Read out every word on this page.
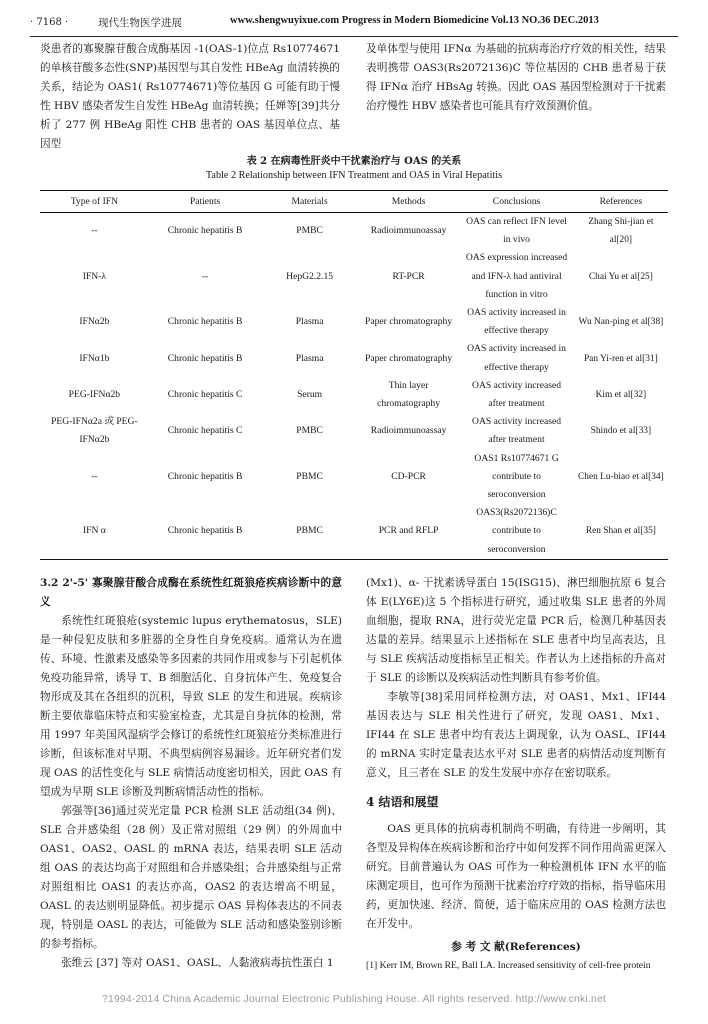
· 7168 ·	现代生物医学进展	www.shengwuyixue.com Progress in Modern Biomedicine Vol.13 NO.36 DEC.2013

炎患者的寡聚腺苷酸合成酶基因 -1(OAS-1)位点 Rs10774671 的单核苷酸多态性(SNP)基因型与其自发性 HBeAg 血清转换的关系，结论为 OAS1( Rs10774671)等位基因 G 可能有助于慢性 HBV 感染者发生自发性 HBeAg 血清转换；任婵等[39]共分析了 277 例 HBeAg 阳性 CHB 患者的 OAS 基因单位点、基因型

及单体型与使用 IFNα 为基础的抗病毒治疗疗效的相关性，结果表明携带 OAS3(Rs2072136)C 等位基因的 CHB 患者易于获得 IFNα 治疗 HBsAg 转换。因此 OAS 基因型检测对于干扰素治疗慢性 HBV 感染者也可能具有疗效预测价值。

表 2 在病毒性肝炎中干扰素治疗与 OAS 的关系
Table 2 Relationship between IFN Treatment and OAS in Viral Hepatitis
Type of IFN	Patients	Materials	Methods	Conclusions	References
--	Chronic hepatitis B	PMBC	Radioimmunoassay	OAS can reflect IFN level in vivo	Zhang Shi-jian et al[20]
IFN-λ	--	HepG2.2.15	RT-PCR	OAS expression increased and IFN-λ had antiviral function in vitro	Chai Yu et al[25]
IFNα2b	Chronic hepatitis B	Plasma	Paper chromatography	OAS activity increased in effective therapy	Wu Nan-ping et al[38]
IFNα1b	Chronic hepatitis B	Plasma	Paper chromatography	OAS activity increased in effective therapy	Pan Yi-ren et al[31]
PEG-IFNα2b	Chronic hepatitis C	Serum	Thin layer chromatography	OAS activity increased after treatment	Kim et al[32]
PEG-IFNα2a 或 PEG-IFNα2b	Chronic hepatitis C	PMBC	Radioimmunoassay	OAS activity increased after treatment	Shindo et al[33]
--	Chronic hepatitis B	PBMC	CD-PCR	OAS1 Rs10774671 G contribute to seroconversion	Chen Lu-biao et al[34]
IFN α	Chronic hepatitis B	PBMC	PCR and RFLP	OAS3(Rs2072136)C contribute to seroconversion	Ren Shan et al[35]

3.2 2'-5' 寡聚腺苷酸合成酶在系统性红斑狼疮疾病诊断中的意义

系统性红斑狼疮(systemic lupus erythematosus，SLE)是一种侵犯皮肤和多脏器的全身性自身免疫病。通常认为在遗传、环境、性激素及感染等多因素的共同作用或参与下引起机体免疫功能异常，诱导 T、B 细胞活化、自身抗体产生、免疫复合物形成及其在各组织的沉积，导致 SLE 的发生和进展。疾病诊断主要依靠临床特点和实验室检查，尤其是自身抗体的检测，常用 1997 年美国风湿病学会修订的系统性红斑狼疮分类标准进行诊断，但该标准对早期、不典型病例容易漏诊。近年研究者们发现 OAS 的活性变化与 SLE 病情活动度密切相关，因此 OAS 有望成为早期 SLE 诊断及判断病情活动性的指标。

郭强等[36]通过荧光定量 PCR 检测 SLE 活动组(34 例)、SLE 合并感染组（28 例）及正常对照组（29 例）的外周血中 OAS1、OAS2、OASL 的 mRNA 表达，结果表明 SLE 活动组 OAS 的表达均高于对照组和合并感染组；合并感染组与正常对照组相比 OAS1 的表达亦高，OAS2 的表达增高不明显，OASL 的表达则明显降低。初步提示 OAS 异构体表达的不同表现，特别是 OASL 的表达，可能做为 SLE 活动和感染鉴别诊断的参考指标。

张维云 [37] 等对 OAS1、OASL、人黏液病毒抗性蛋白 1

(Mx1)、α- 干扰素诱导蛋白 15(ISG15)、淋巴细胞抗原 6 复合体 E(LY6E)这 5 个指标进行研究，通过收集 SLE 患者的外周血细胞，提取 RNA，进行荧光定量 PCR 后，检测几种基因表达量的差异。结果显示上述指标在 SLE 患者中均呈高表达，且与 SLE 疾病活动度指标呈正相关。作者认为上述指标的升高对于 SLE 的诊断以及疾病活动性判断具有参考价值。

李敏等[38]采用同样检测方法，对 OAS1、Mx1、IFI44 基因表达与 SLE 相关性进行了研究，发现 OAS1、Mx1、IFI44 在 SLE 患者中均有表达上调现象，认为 OASL、IFI44 的 mRNA 实时定量表达水平对 SLE 患者的病情活动度判断有意义，且三者在 SLE 的发生发展中亦存在密切联系。

4 结语和展望

OAS 更具体的抗病毒机制尚不明确，有待进一步阐明，其各型及异构体在疾病诊断和治疗中如何发挥不同作用尚需更深入研究。目前普遍认为 OAS 可作为一种检测机体 IFN 水平的临床测定项目，也可作为预测干扰素治疗疗效的指标，指导临床用药，更加快速、经济、简便，适于临床应用的 OAS 检测方法也在开发中。

参 考 文 献(References)

[1] Kerr IM, Brown RE, Ball LA. Increased sensitivity of cell-free protein

?1994-2014 China Academic Journal Electronic Publishing House. All rights reserved. http://www.cnki.net
